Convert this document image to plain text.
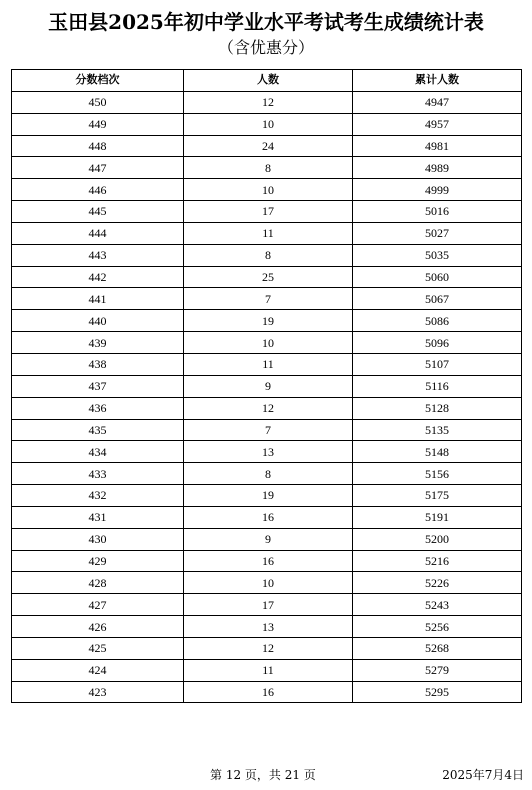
玉田县2025年初中学业水平考试考生成绩统计表
（含优惠分）
分数档次	人数	累计人数
450	12	4947
449	10	4957
448	24	4981
447	8	4989
446	10	4999
445	17	5016
444	11	5027
443	8	5035
442	25	5060
441	7	5067
440	19	5086
439	10	5096
438	11	5107
437	9	5116
436	12	5128
435	7	5135
434	13	5148
433	8	5156
432	19	5175
431	16	5191
430	9	5200
429	16	5216
428	10	5226
427	17	5243
426	13	5256
425	12	5268
424	11	5279
423	16	5295
第 12 页，共 21 页	2025年7月4日
